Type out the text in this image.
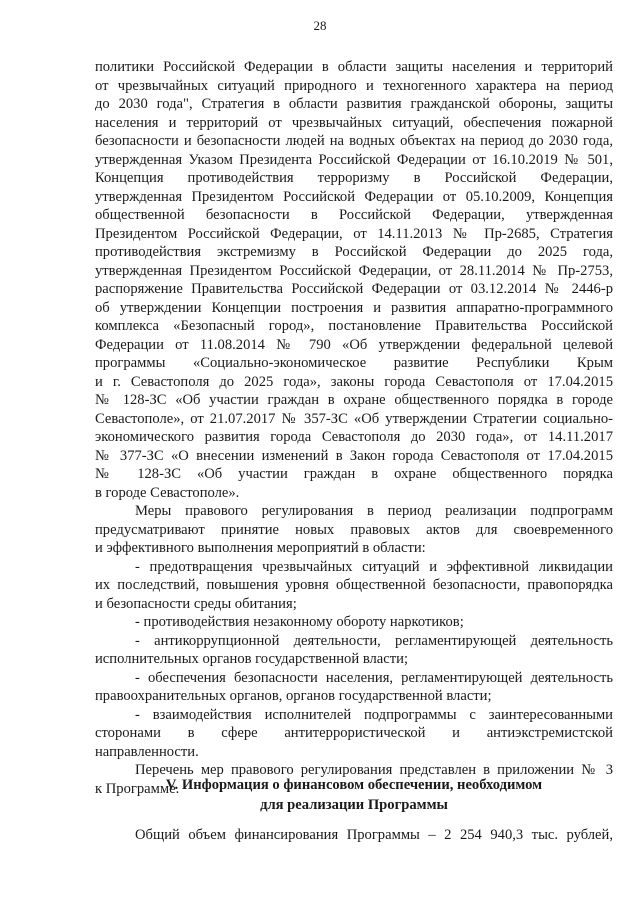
28
политики Российской Федерации в области защиты населения и территорий
от чрезвычайных ситуаций природного и техногенного характера на период
до 2030 года", Стратегия в области развития гражданской обороны, защиты
населения и территорий от чрезвычайных ситуаций, обеспечения пожарной
безопасности и безопасности людей на водных объектах на период до 2030 года,
утвержденная Указом Президента Российской Федерации от 16.10.2019 № 501,
Концепция противодействия терроризму в Российской Федерации,
утвержденная Президентом Российской Федерации от 05.10.2009, Концепция
общественной безопасности в Российской Федерации, утвержденная
Президентом Российской Федерации, от 14.11.2013 № Пр-2685, Стратегия
противодействия экстремизму в Российской Федерации до 2025 года,
утвержденная Президентом Российской Федерации, от 28.11.2014 № Пр-2753,
распоряжение Правительства Российской Федерации от 03.12.2014 № 2446-р
об утверждении Концепции построения и развития аппаратно-программного
комплекса «Безопасный город», постановление Правительства Российской
Федерации от 11.08.2014 № 790 «Об утверждении федеральной целевой
программы «Социально-экономическое развитие Республики Крым
и г. Севастополя до 2025 года», законы города Севастополя от 17.04.2015
№ 128-ЗС «Об участии граждан в охране общественного порядка в городе
Севастополе», от 21.07.2017 № 357-ЗС «Об утверждении Стратегии социально-
экономического развития города Севастополя до 2030 года», от 14.11.2017
№ 377-ЗС «О внесении изменений в Закон города Севастополя от 17.04.2015
№ 128-ЗС «Об участии граждан в охране общественного порядка
в городе Севастополе».
Меры правового регулирования в период реализации подпрограмм
предусматривают принятие новых правовых актов для своевременного
и эффективного выполнения мероприятий в области:
- предотвращения чрезвычайных ситуаций и эффективной ликвидации
их последствий, повышения уровня общественной безопасности, правопорядка
и безопасности среды обитания;
- противодействия незаконному обороту наркотиков;
- антикоррупционной деятельности, регламентирующей деятельность
исполнительных органов государственной власти;
- обеспечения безопасности населения, регламентирующей деятельность
правоохранительных органов, органов государственной власти;
- взаимодействия исполнителей подпрограммы с заинтересованными
сторонами в сфере антитеррористической и антиэкстремистской
направленности.
Перечень мер правового регулирования представлен в приложении № 3
к Программе.
V. Информация о финансовом обеспечении, необходимом
для реализации Программы
Общий объем финансирования Программы – 2 254 940,3 тыс. рублей,
